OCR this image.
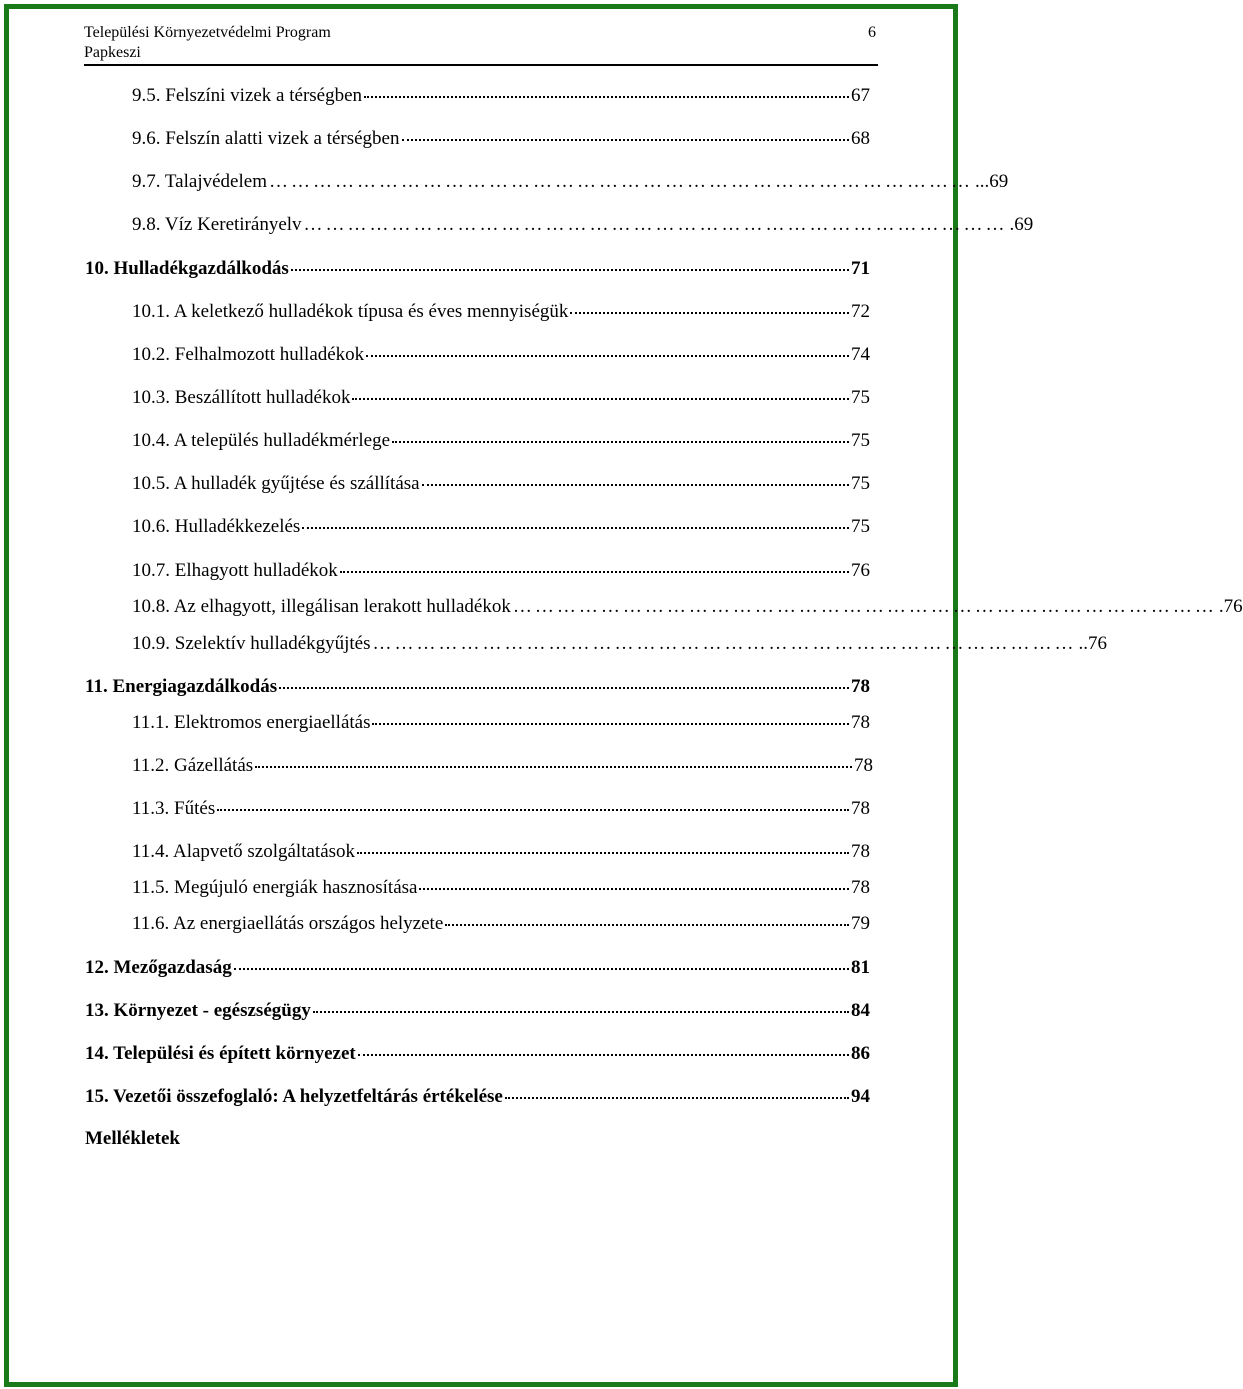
Települési Környezetvédelmi Program
Papkeszi
6
9.5. Felszíni vizek a térségben	67
9.6. Felszín alatti vizek a térségben	68
9.7. Talajvédelem …………………………………………………………………………………… ...69
9.8. Víz Keretirányelv …………………………………………………………………………………… .69
10. Hulladékgazdálkodás	71
10.1. A keletkező hulladékok típusa és éves mennyiségük	72
10.2. Felhalmozott hulladékok	74
10.3. Beszállított hulladékok	75
10.4. A település hulladékmérlege	75
10.5. A hulladék gyűjtése és szállítása	75
10.6. Hulladékkezelés	75
10.7. Elhagyott hulladékok	76
10.8. Az elhagyott, illegálisan lerakott hulladékok …………………………………………………………………………………… .76
10.9. Szelektív hulladékgyűjtés …………………………………………………………………………………… ..76
11. Energiagazdálkodás	78
11.1. Elektromos energiaellátás	78
11.2. Gázellátás	78
11.3. Fűtés	78
11.4. Alapvető szolgáltatások	78
11.5. Megújuló energiák hasznosítása	78
11.6. Az energiaellátás országos helyzete	79
12. Mezőgazdaság	81
13. Környezet - egészségügy	84
14. Települési és épített környezet	86
15. Vezetői összefoglaló: A helyzetfeltárás értékelése	94
Mellékletek
